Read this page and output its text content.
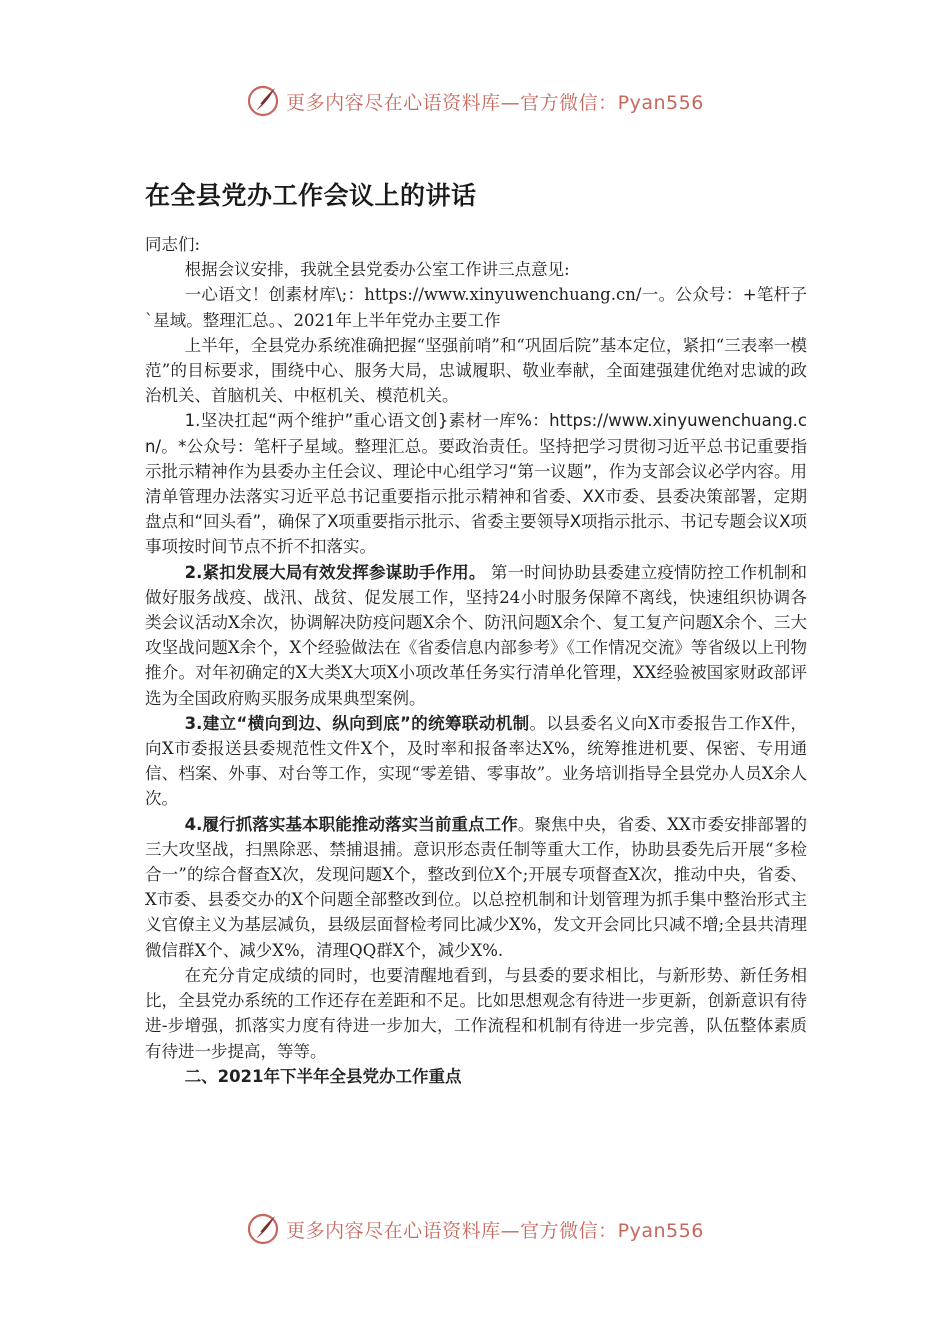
更多内容尽在心语资料库—官方微信：Pyan556
在全县党办工作会议上的讲话

同志们:

根据会议安排，我就全县党委办公室工作讲三点意见:

一心语文！创素材库\;：https://www.xinyuwenchuang.cn/一。公众号：+笔杆子`星域。整理汇总。、2021年上半年党办主要工作

上半年，全县党办系统准确把握“坚强前哨”和“巩固后院”基本定位，紧扣“三表率一模范”的目标要求，围绕中心、服务大局，忠诚履职、敬业奉献，全面建强建优绝对忠诚的政治机关、首脑机关、中枢机关、模范机关。

1.坚决扛起“两个维护”重心语文创}素材一库%：https://www.xinyuwenchuang.cn/。*公众号：笔杆子星域。整理汇总。要政治责任。坚持把学习贯彻习近平总书记重要指示批示精神作为县委办主任会议、理论中心组学习“第一议题”，作为支部会议必学内容。用清单管理办法落实习近平总书记重要指示批示精神和省委、XX市委、县委决策部署，定期盘点和“回头看”，确保了X项重要指示批示、省委主要领导X项指示批示、书记专题会议X项事项按时间节点不折不扣落实。

2.紧扣发展大局有效发挥参谋助手作用。 第一时间协助县委建立疫情防控工作机制和做好服务战疫、战汛、战贫、促发展工作，坚持24小时服务保障不离线，快速组织协调各类会议活动X余次，协调解决防疫问题X余个、防汛问题X余个、复工复产问题X余个、三大攻坚战问题X余个，X个经验做法在《省委信息内部参考》《工作情况交流》等省级以上刊物推介。对年初确定的X大类X大项X小项改革任务实行清单化管理，XX经验被国家财政部评选为全国政府购买服务成果典型案例。

3.建立“横向到边、纵向到底”的统筹联动机制。以县委名义向X市委报告工作X件，向X市委报送县委规范性文件X个，及时率和报备率达X%，统筹推进机要、保密、专用通信、档案、外事、对台等工作，实现“零差错、零事故”。业务培训指导全县党办人员X余人次。

4.履行抓落实基本职能推动落实当前重点工作。聚焦中央，省委、XX市委安排部署的三大攻坚战，扫黑除恶、禁捕退捕。意识形态责任制等重大工作，协助县委先后开展“多检合一”的综合督查X次，发现问题X个，整改到位X个;开展专项督查X次，推动中央，省委、X市委、县委交办的X个问题全部整改到位。以总控机制和计划管理为抓手集中整治形式主义官僚主义为基层减负，县级层面督检考同比减少X%，发文开会同比只减不增;全县共清理微信群X个、减少X%，清理QQ群X个，减少X%.

在充分肯定成绩的同时，也要清醒地看到，与县委的要求相比，与新形势、新任务相比，全县党办系统的工作还存在差距和不足。比如思想观念有待进一步更新，创新意识有待进-步增强，抓落实力度有待进一步加大，工作流程和机制有待进一步完善，队伍整体素质有待进一步提高，等等。

二、2021年下半年全县党办工作重点

更多内容尽在心语资料库—官方微信：Pyan556
